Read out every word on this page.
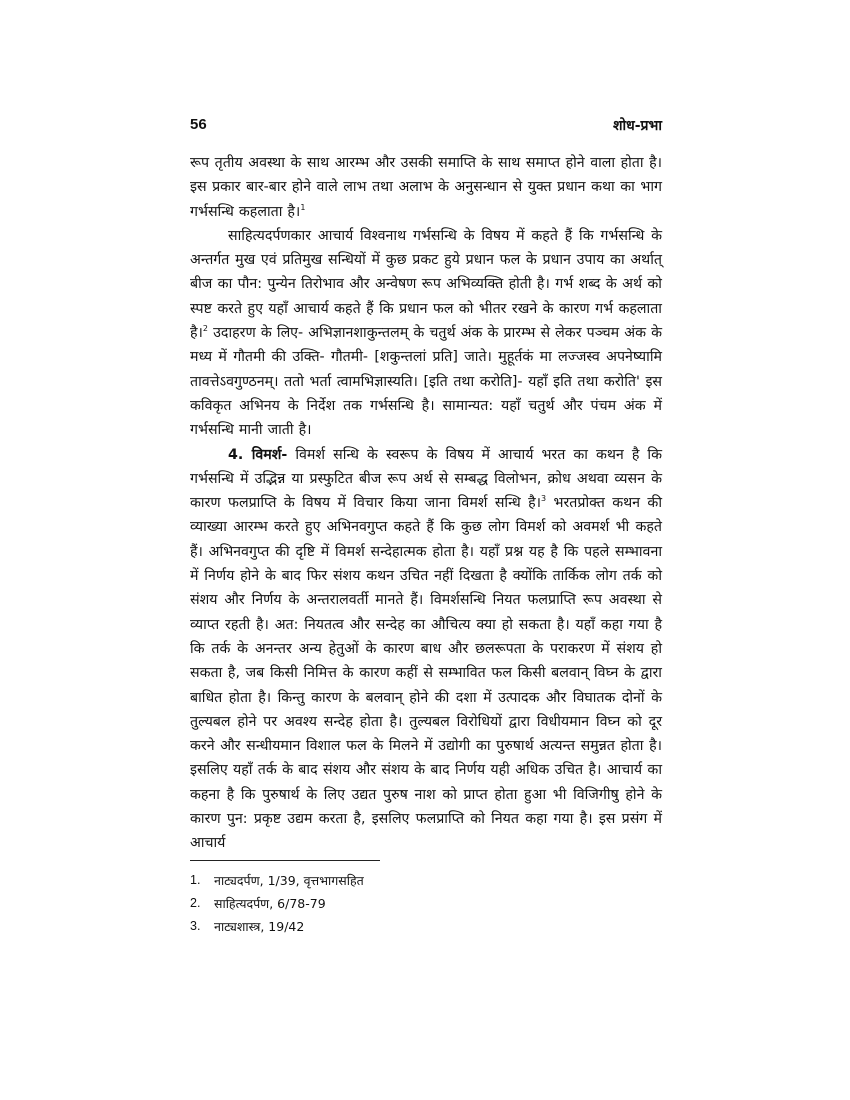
56	शोध-प्रभा

रूप तृतीय अवस्था के साथ आरम्भ और उसकी समाप्ति के साथ समाप्त होने वाला होता है। इस प्रकार बार-बार होने वाले लाभ तथा अलाभ के अनुसन्धान से युक्त प्रधान कथा का भाग गर्भसन्धि कहलाता है।$^1$

साहित्यदर्पणकार आचार्य विश्वनाथ गर्भसन्धि के विषय में कहते हैं कि गर्भसन्धि के अन्तर्गत मुख एवं प्रतिमुख सन्धियों में कुछ प्रकट हुये प्रधान फल के प्रधान उपाय का अर्थात् बीज का पौन: पुन्येन तिरोभाव और अन्वेषण रूप अभिव्यक्ति होती है। गर्भ शब्द के अर्थ को स्पष्ट करते हुए यहाँ आचार्य कहते हैं कि प्रधान फल को भीतर रखने के कारण गर्भ कहलाता है।$^2$ उदाहरण के लिए- अभिज्ञानशाकुन्तलम् के चतुर्थ अंक के प्रारम्भ से लेकर पञ्चम अंक के मध्य में गौतमी की उक्ति- गौतमी- [शकुन्तलां प्रति] जाते। मुहूर्तकं मा लज्जस्व अपनेष्यामि तावत्तेऽवगुण्ठनम्। ततो भर्ता त्वामभिज्ञास्यति। [इति तथा करोति]- यहाँ इति तथा करोति' इस कविकृत अभिनय के निर्देश तक गर्भसन्धि है। सामान्यत: यहाँ चतुर्थ और पंचम अंक में गर्भसन्धि मानी जाती है।

4. विमर्श- विमर्श सन्धि के स्वरूप के विषय में आचार्य भरत का कथन है कि गर्भसन्धि में उद्भिन्न या प्रस्फुटित बीज रूप अर्थ से सम्बद्ध विलोभन, क्रोध अथवा व्यसन के कारण फलप्राप्ति के विषय में विचार किया जाना विमर्श सन्धि है।$^3$ भरतप्रोक्त कथन की व्याख्या आरम्भ करते हुए अभिनवगुप्त कहते हैं कि कुछ लोग विमर्श को अवमर्श भी कहते हैं। अभिनवगुप्त की दृष्टि में विमर्श सन्देहात्मक होता है। यहाँ प्रश्न यह है कि पहले सम्भावना में निर्णय होने के बाद फिर संशय कथन उचित नहीं दिखता है क्योंकि तार्किक लोग तर्क को संशय और निर्णय के अन्तरालवर्ती मानते हैं। विमर्शसन्धि नियत फलप्राप्ति रूप अवस्था से व्याप्त रहती है। अत: नियतत्व और सन्देह का औचित्य क्या हो सकता है। यहाँ कहा गया है कि तर्क के अनन्तर अन्य हेतुओं के कारण बाध और छलरूपता के पराकरण में संशय हो सकता है, जब किसी निमित्त के कारण कहीं से सम्भावित फल किसी बलवान् विघ्न के द्वारा बाधित होता है। किन्तु कारण के बलवान् होने की दशा में उत्पादक और विघातक दोनों के तुल्यबल होने पर अवश्य सन्देह होता है। तुल्यबल विरोधियों द्वारा विधीयमान विघ्न को दूर करने और सन्धीयमान विशाल फल के मिलने में उद्योगी का पुरुषार्थ अत्यन्त समुन्नत होता है। इसलिए यहाँ तर्क के बाद संशय और संशय के बाद निर्णय यही अधिक उचित है। आचार्य का कहना है कि पुरुषार्थ के लिए उद्यत पुरुष नाश को प्राप्त होता हुआ भी विजिगीषु होने के कारण पुन: प्रकृष्ट उद्यम करता है, इसलिए फलप्राप्ति को नियत कहा गया है। इस प्रसंग में आचार्य

1.	नाट्यदर्पण, 1/39, वृत्तभागसहित
2.	साहित्यदर्पण, 6/78-79
3.	नाट्यशास्त्र, 19/42
